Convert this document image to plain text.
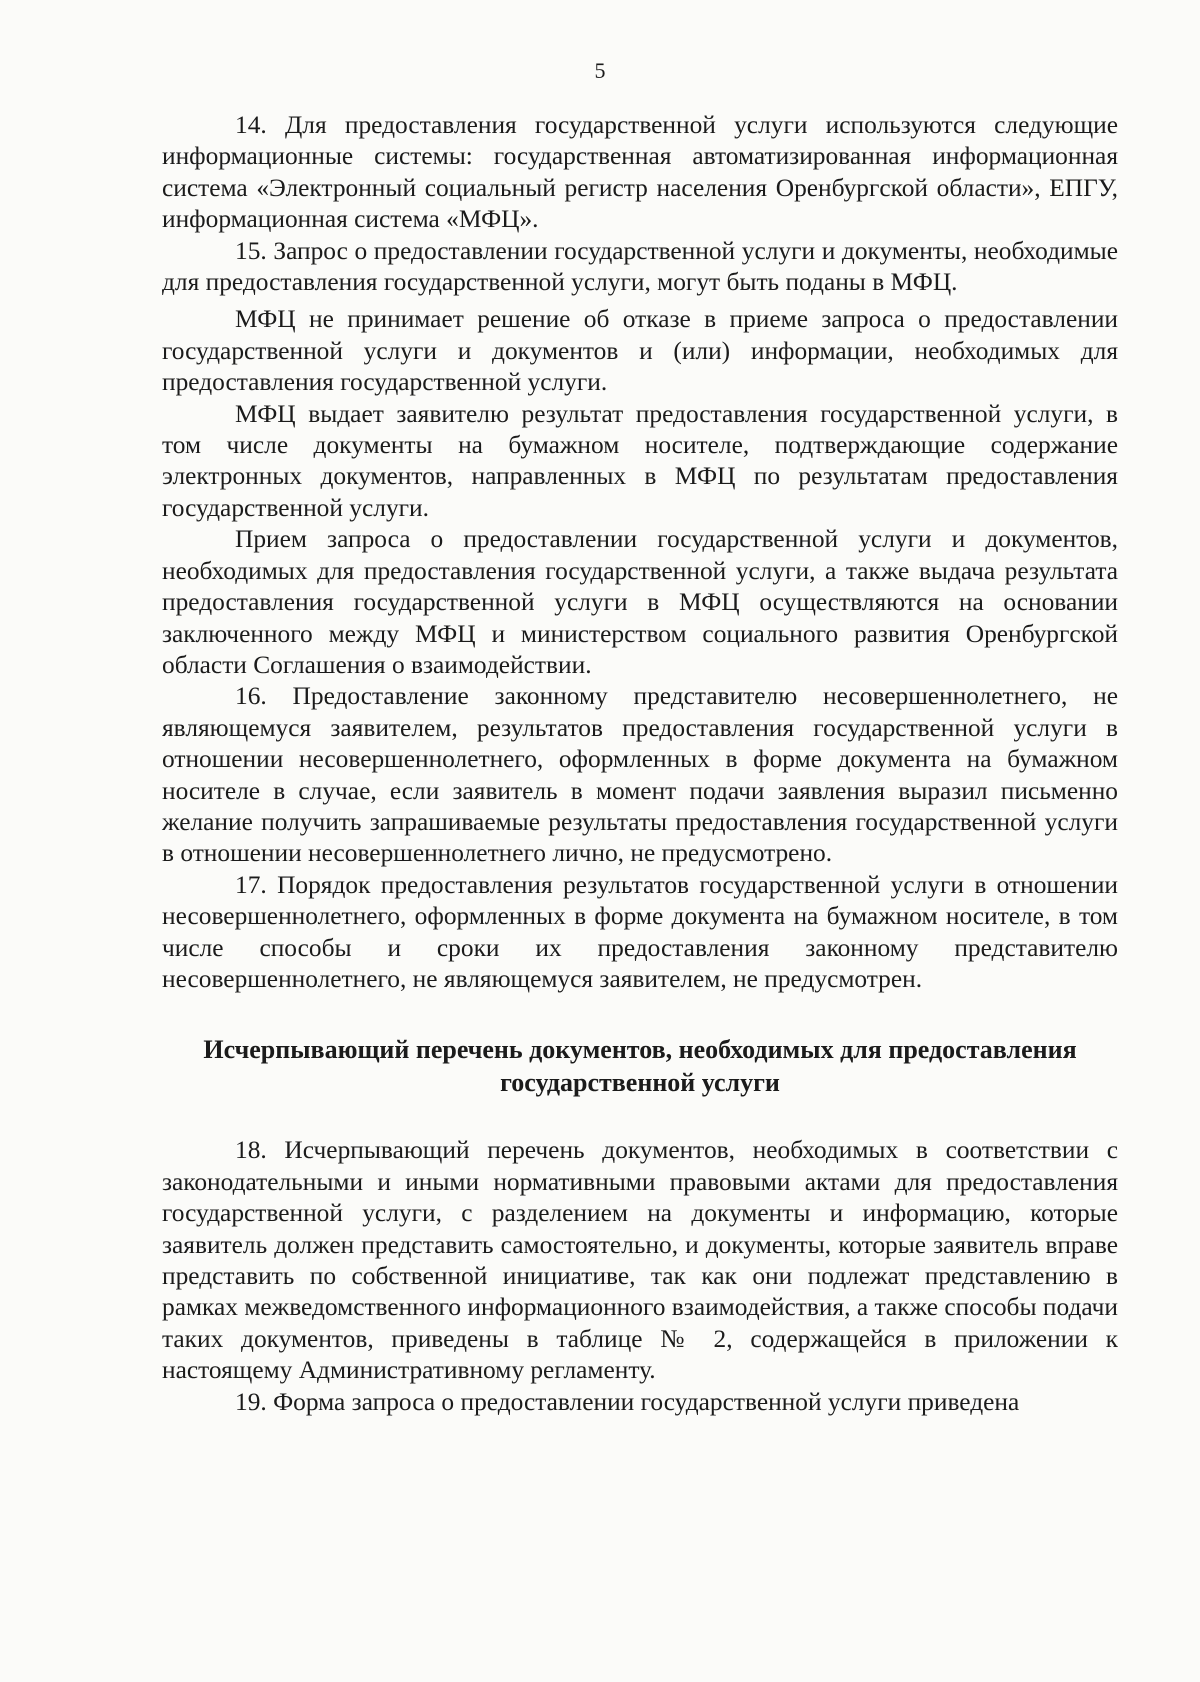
5

14. Для предоставления государственной услуги используются следующие информационные системы: государственная автоматизированная информационная система «Электронный социальный регистр населения Оренбургской области», ЕПГУ, информационная система «МФЦ».

15. Запрос о предоставлении государственной услуги и документы, необходимые для предоставления государственной услуги, могут быть поданы в МФЦ.

МФЦ не принимает решение об отказе в приеме запроса о предоставлении государственной услуги и документов и (или) информации, необходимых для предоставления государственной услуги.

МФЦ выдает заявителю результат предоставления государственной услуги, в том числе документы на бумажном носителе, подтверждающие содержание электронных документов, направленных в МФЦ по результатам предоставления государственной услуги.

Прием запроса о предоставлении государственной услуги и документов, необходимых для предоставления государственной услуги, а также выдача результата предоставления государственной услуги в МФЦ осуществляются на основании заключенного между МФЦ и министерством социального развития Оренбургской области Соглашения о взаимодействии.

16. Предоставление законному представителю несовершеннолетнего, не являющемуся заявителем, результатов предоставления государственной услуги в отношении несовершеннолетнего, оформленных в форме документа на бумажном носителе в случае, если заявитель в момент подачи заявления выразил письменно желание получить запрашиваемые результаты предоставления государственной услуги в отношении несовершеннолетнего лично, не предусмотрено.

17. Порядок предоставления результатов государственной услуги в отношении несовершеннолетнего, оформленных в форме документа на бумажном носителе, в том числе способы и сроки их предоставления законному представителю несовершеннолетнего, не являющемуся заявителем, не предусмотрен.

Исчерпывающий перечень документов, необходимых для предоставления государственной услуги

18. Исчерпывающий перечень документов, необходимых в соответствии с законодательными и иными нормативными правовыми актами для предоставления государственной услуги, с разделением на документы и информацию, которые заявитель должен представить самостоятельно, и документы, которые заявитель вправе представить по собственной инициативе, так как они подлежат представлению в рамках межведомственного информационного взаимодействия, а также способы подачи таких документов, приведены в таблице № 2, содержащейся в приложении к настоящему Административному регламенту.

19. Форма запроса о предоставлении государственной услуги приведена
